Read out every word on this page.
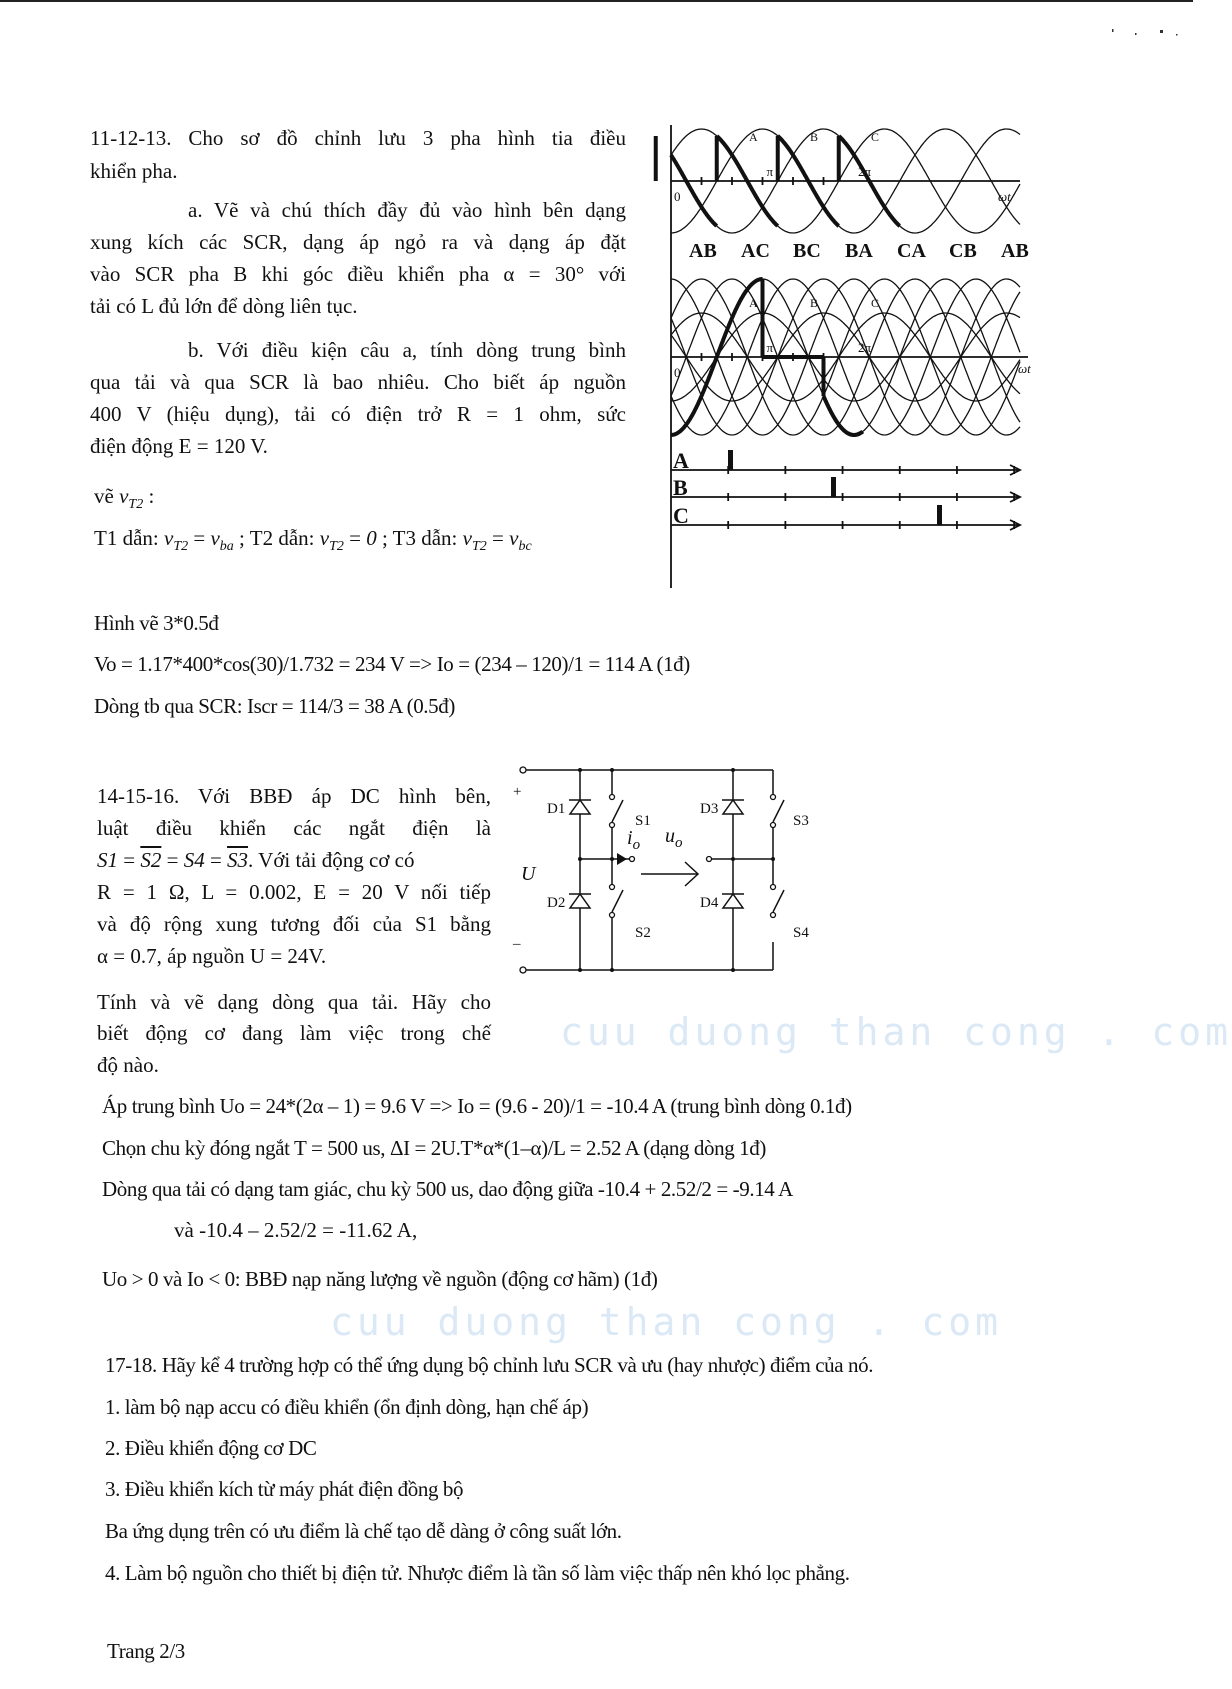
cuu duong than cong . com
cuu duong than cong . com
11-12-13. Cho sơ đồ chỉnh lưu 3 pha hình tia điều
khiển pha.
a. Vẽ và chú thích đầy đủ vào hình bên dạng
xung kích các SCR, dạng áp ngỏ ra và dạng áp đặt
vào SCR pha B khi góc điều khiển pha α = 30° với
tải có L đủ lớn để dòng liên tục.
b. Với điều kiện câu a, tính dòng trung bình
qua tải và qua SCR là bao nhiêu. Cho biết áp nguồn
400 V (hiệu dụng), tải có điện trở R = 1 ohm, sức
điện động E = 120 V.
vẽ $v_{T2}$ :
T1 dẫn: $v_{T2} = v_{ba}$ ; T2 dẫn: $v_{T2} = 0$ ; T3 dẫn: $v_{T2} = v_{bc}$
Hình vẽ 3*0.5đ
Vo = 1.17*400*cos(30)/1.732 = 234 V => Io = (234 – 120)/1 = 114 A (1đ)
Dòng tb qua SCR: Iscr = 114/3 = 38 A (0.5đ)
0
π	2π
ωt
A	B	C
0
π	2π
ωt
A	B	C
AB AC BC BA CA CB AB
A
B
C
14-15-16. Với BBĐ áp DC hình bên,
luật điều khiển các ngắt điện là
S1 = S2 = S4 = S3. Với tải động cơ có
R = 1 Ω, L = 0.002, E = 20 V nối tiếp
và độ rộng xung tương đối của S1 bằng
α = 0.7, áp nguồn U = 24V.
Tính và vẽ dạng dòng qua tải. Hãy cho
biết động cơ đang làm việc trong chế
độ nào.
Áp trung bình Uo = 24*(2α – 1) = 9.6 V => Io = (9.6 - 20)/1 = -10.4 A (trung bình dòng 0.1đ)
Chọn chu kỳ đóng ngắt T = 500 us, ΔI = 2U.T*α*(1–α)/L = 2.52 A (dạng dòng 1đ)
Dòng qua tải có dạng tam giác, chu kỳ 500 us, dao động giữa -10.4 + 2.52/2 = -9.14 A
và -10.4 – 2.52/2 = -11.62 A,
Uo > 0 và Io < 0: BBĐ nạp năng lượng về nguồn (động cơ hãm) (1đ)
+
–
D1
D2
D3
D4
S1
S2
S3
S4
U
$i_o$ $u_o$
17-18. Hãy kể 4 trường hợp có thể ứng dụng bộ chỉnh lưu SCR và ưu (hay nhược) điểm của nó.
1. làm bộ nạp accu có điều khiển (ổn định dòng, hạn chế áp)
2. Điều khiển động cơ DC
3. Điều khiển kích từ máy phát điện đồng bộ
Ba ứng dụng trên có ưu điểm là chế tạo dễ dàng ở công suất lớn.
4. Làm bộ nguồn cho thiết bị điện tử. Nhược điểm là tần số làm việc thấp nên khó lọc phẳng.
Trang 2/3
